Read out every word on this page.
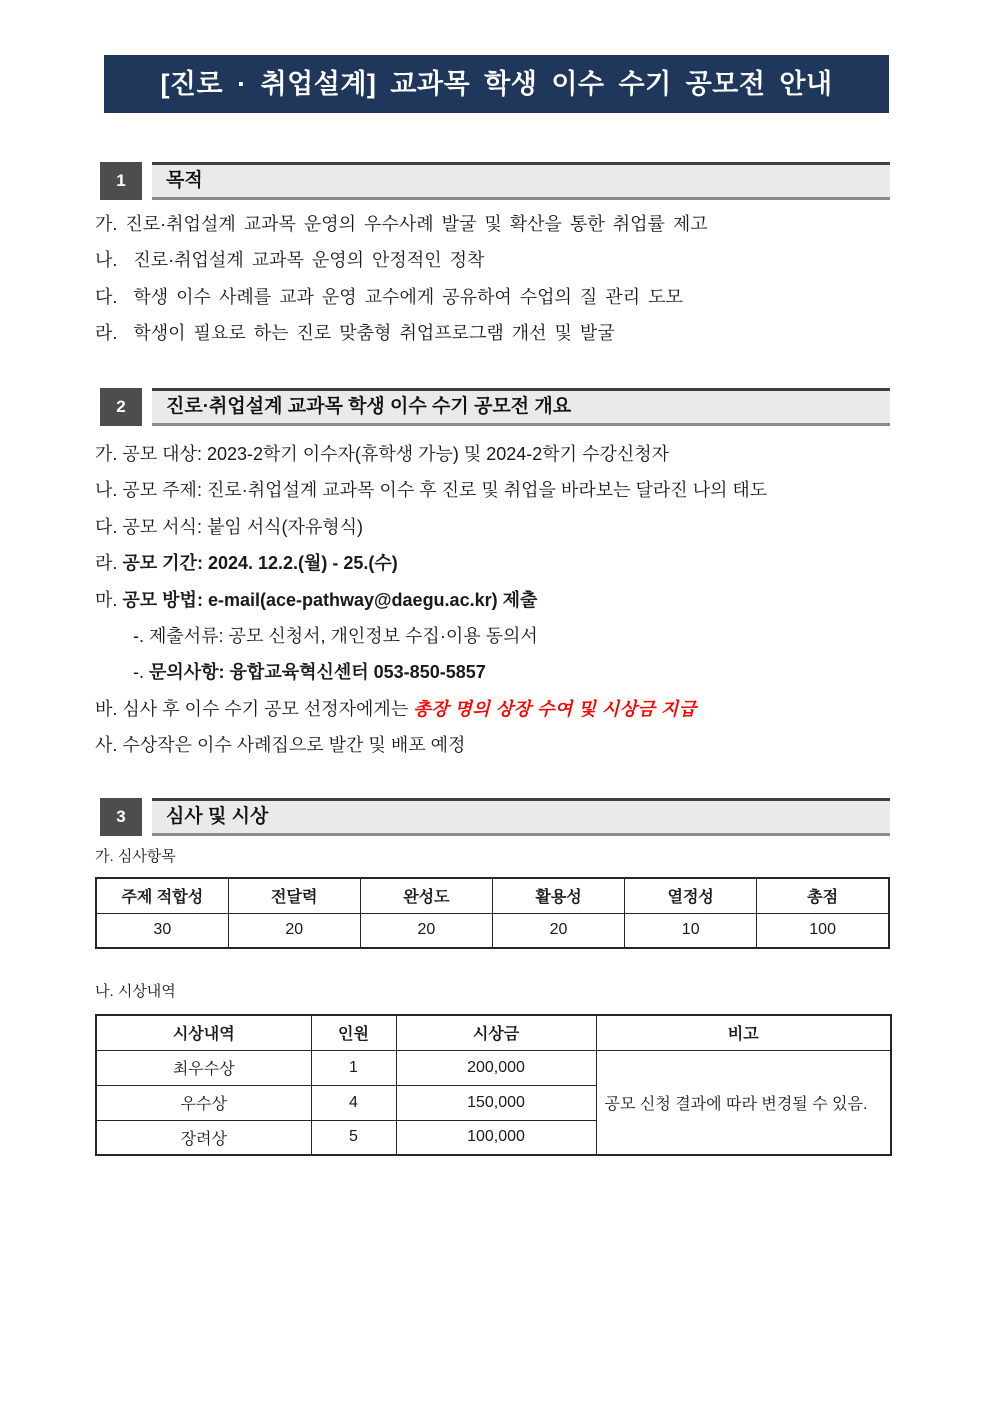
[진로 · 취업설계] 교과목 학생 이수 수기 공모전 안내
1	목적
가. 진로·취업설계 교과목 운영의 우수사례 발굴 및 확산을 통한 취업률 제고
나.  진로·취업설계 교과목 운영의 안정적인 정착
다.  학생 이수 사례를 교과 운영 교수에게 공유하여 수업의 질 관리 도모
라.  학생이 필요로 하는 진로 맞춤형 취업프로그램 개선 및 발굴
2	진로·취업설계 교과목 학생 이수 수기 공모전 개요
가. 공모 대상: 2023-2학기 이수자(휴학생 가능) 및 2024-2학기 수강신청자
나. 공모 주제: 진로·취업설계 교과목 이수 후 진로 및 취업을 바라보는 달라진 나의 태도
다. 공모 서식: 붙임 서식(자유형식)
라. 공모 기간: 2024. 12.2.(월) - 25.(수)
마. 공모 방법: e-mail(ace-pathway@daegu.ac.kr) 제출
-. 제출서류: 공모 신청서, 개인정보 수집·이용 동의서
-. 문의사항: 융합교육혁신센터 053-850-5857
바. 심사 후 이수 수기 공모 선정자에게는 총장 명의 상장 수여 및 시상금 지급
사. 수상작은 이수 사례집으로 발간 및 배포 예정
3	심사 및 시상
가. 심사항목
주제 적합성	전달력	완성도	활용성	열정성	총점
30	20	20	20	10	100
나. 시상내역
시상내역	인원	시상금	비고
최우수상	1	200,000	공모 신청 결과에 따라 변경될 수 있음.
우수상	4	150,000	
장려상	5	100,000	
